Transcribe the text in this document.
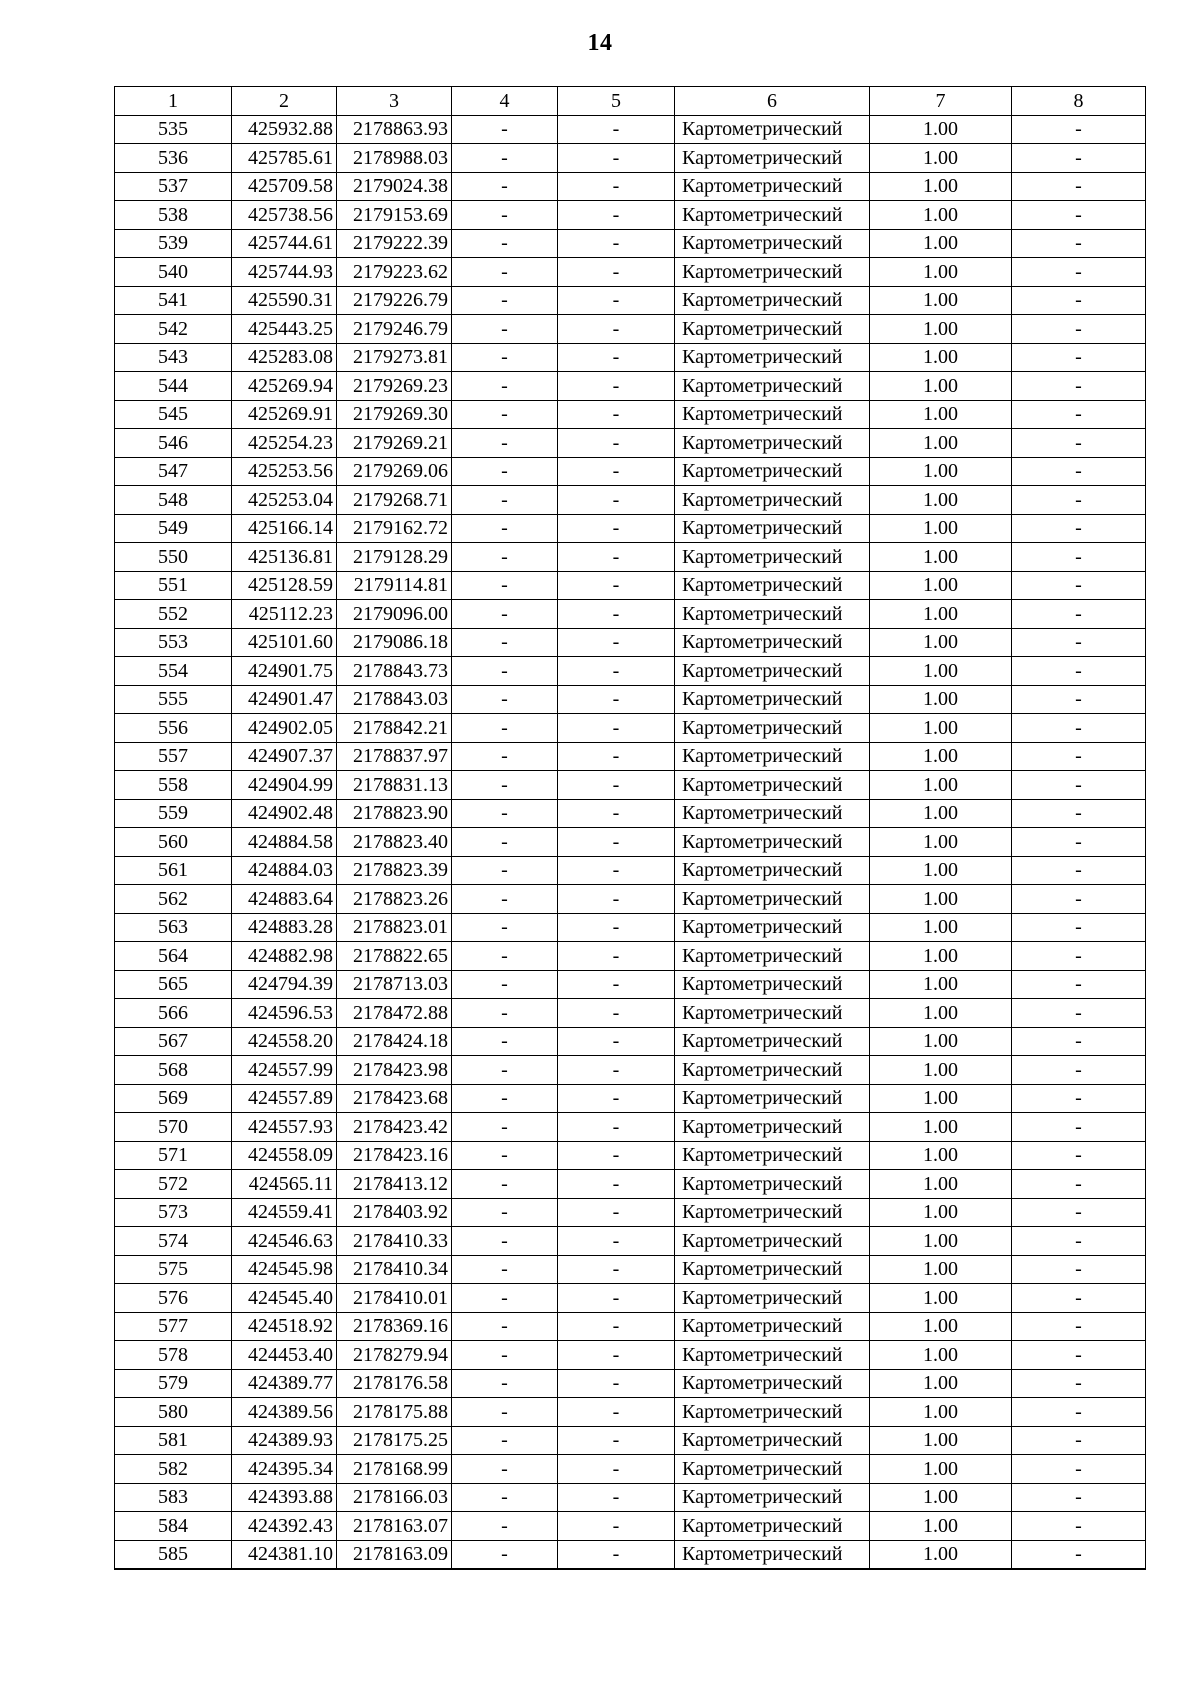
14
1	2	3	4	5	6	7	8
535	425932.88	2178863.93	-	-	Картометрический	1.00	-
536	425785.61	2178988.03	-	-	Картометрический	1.00	-
537	425709.58	2179024.38	-	-	Картометрический	1.00	-
538	425738.56	2179153.69	-	-	Картометрический	1.00	-
539	425744.61	2179222.39	-	-	Картометрический	1.00	-
540	425744.93	2179223.62	-	-	Картометрический	1.00	-
541	425590.31	2179226.79	-	-	Картометрический	1.00	-
542	425443.25	2179246.79	-	-	Картометрический	1.00	-
543	425283.08	2179273.81	-	-	Картометрический	1.00	-
544	425269.94	2179269.23	-	-	Картометрический	1.00	-
545	425269.91	2179269.30	-	-	Картометрический	1.00	-
546	425254.23	2179269.21	-	-	Картометрический	1.00	-
547	425253.56	2179269.06	-	-	Картометрический	1.00	-
548	425253.04	2179268.71	-	-	Картометрический	1.00	-
549	425166.14	2179162.72	-	-	Картометрический	1.00	-
550	425136.81	2179128.29	-	-	Картометрический	1.00	-
551	425128.59	2179114.81	-	-	Картометрический	1.00	-
552	425112.23	2179096.00	-	-	Картометрический	1.00	-
553	425101.60	2179086.18	-	-	Картометрический	1.00	-
554	424901.75	2178843.73	-	-	Картометрический	1.00	-
555	424901.47	2178843.03	-	-	Картометрический	1.00	-
556	424902.05	2178842.21	-	-	Картометрический	1.00	-
557	424907.37	2178837.97	-	-	Картометрический	1.00	-
558	424904.99	2178831.13	-	-	Картометрический	1.00	-
559	424902.48	2178823.90	-	-	Картометрический	1.00	-
560	424884.58	2178823.40	-	-	Картометрический	1.00	-
561	424884.03	2178823.39	-	-	Картометрический	1.00	-
562	424883.64	2178823.26	-	-	Картометрический	1.00	-
563	424883.28	2178823.01	-	-	Картометрический	1.00	-
564	424882.98	2178822.65	-	-	Картометрический	1.00	-
565	424794.39	2178713.03	-	-	Картометрический	1.00	-
566	424596.53	2178472.88	-	-	Картометрический	1.00	-
567	424558.20	2178424.18	-	-	Картометрический	1.00	-
568	424557.99	2178423.98	-	-	Картометрический	1.00	-
569	424557.89	2178423.68	-	-	Картометрический	1.00	-
570	424557.93	2178423.42	-	-	Картометрический	1.00	-
571	424558.09	2178423.16	-	-	Картометрический	1.00	-
572	424565.11	2178413.12	-	-	Картометрический	1.00	-
573	424559.41	2178403.92	-	-	Картометрический	1.00	-
574	424546.63	2178410.33	-	-	Картометрический	1.00	-
575	424545.98	2178410.34	-	-	Картометрический	1.00	-
576	424545.40	2178410.01	-	-	Картометрический	1.00	-
577	424518.92	2178369.16	-	-	Картометрический	1.00	-
578	424453.40	2178279.94	-	-	Картометрический	1.00	-
579	424389.77	2178176.58	-	-	Картометрический	1.00	-
580	424389.56	2178175.88	-	-	Картометрический	1.00	-
581	424389.93	2178175.25	-	-	Картометрический	1.00	-
582	424395.34	2178168.99	-	-	Картометрический	1.00	-
583	424393.88	2178166.03	-	-	Картометрический	1.00	-
584	424392.43	2178163.07	-	-	Картометрический	1.00	-
585	424381.10	2178163.09	-	-	Картометрический	1.00	-
